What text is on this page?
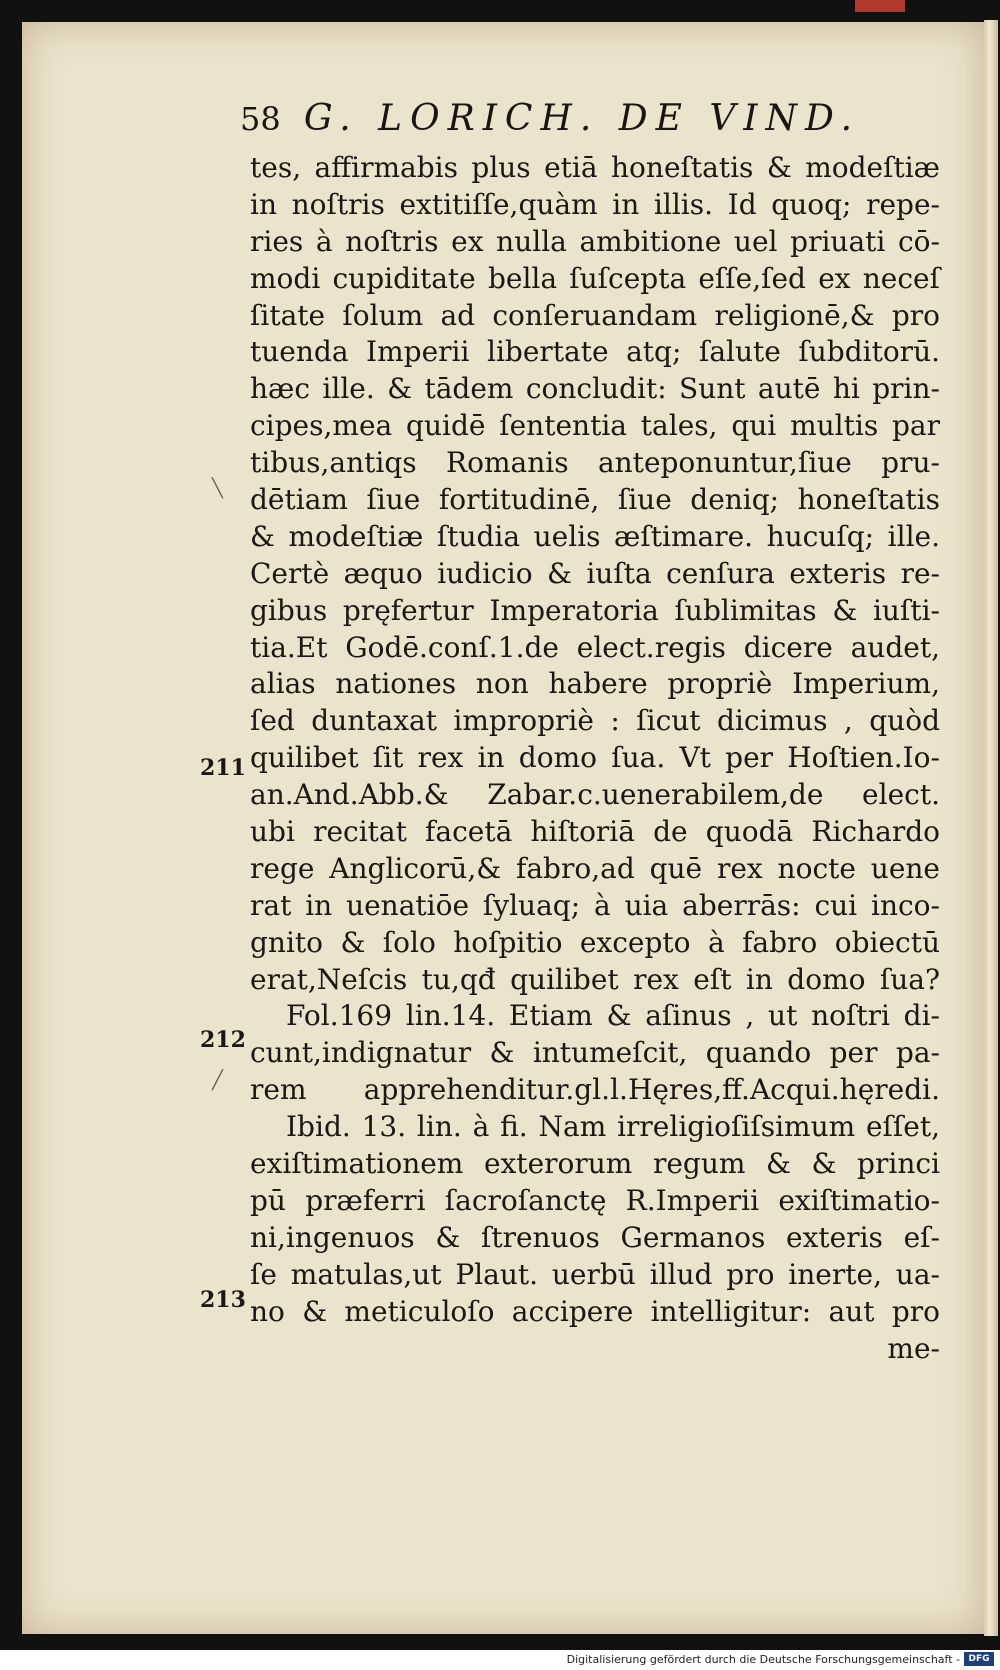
58 G. LORICH. DE VIND.
tes, affirmabis plus etiā honeſtatis & modeſtiæ
in noſtris extitiſſe,quàm in illis. Id quoq; repe-
ries à noſtris ex nulla ambitione uel priuati cō-
modi cupiditate bella ſuſcepta eſſe,ſed ex neceſ
ſitate ſolum ad conſeruandam religionē,& pro
tuenda Imperii libertate atq; ſalute ſubditorū.
hæc ille. & tādem concludit: Sunt autē hi prin-
cipes,mea quidē ſententia tales, qui multis par
tibus,antiqs Romanis anteponuntur,ſiue pru-
dētiam ſiue fortitudinē, ſiue deniq; honeſtatis
& modeſtiæ ſtudia uelis æſtimare. hucuſq; ille.
Certè æquo iudicio & iuſta cenſura exteris re-
gibus pręfertur Imperatoria ſublimitas & iuſti-
tia.Et Godē.conſ.1.de elect.regis dicere audet,
alias nationes non habere propriè Imperium,
ſed duntaxat impropriè : ſicut dicimus , quòd
quilibet ſit rex in domo ſua. Vt per Hoſtien.Io-
an.And.Abb.& Zabar.c.uenerabilem,de elect.
ubi recitat facetā hiſtoriā de quodā Richardo
rege Anglicorū,& fabro,ad quē rex nocte uene
rat in uenatiōe ſyluaq; à uia aberrās: cui inco-
gnito & ſolo hoſpitio excepto à fabro obiectū
erat,Neſcis tu,qđ quilibet rex eſt in domo ſua?
Fol.169 lin.14. Etiam & aſinus , ut noſtri di-
cunt,indignatur & intumeſcit, quando per pa-
rem apprehenditur.gl.l.Hęres,ff.Acqui.hęredi.
Ibid. 13. lin. à fi. Nam irreligioſiſsimum eſſet,
exiſtimationem exterorum regum & & princi
pū præferri ſacroſanctę R.Imperii exiſtimatio-
ni,ingenuos & ſtrenuos Germanos exteris eſ-
ſe matulas,ut Plaut. uerbū illud pro inerte, ua-
no & meticuloſo accipere intelligitur: aut pro
me-
211
212
213
╲
╱
Digitalisierung gefördert durch die Deutsche Forschungsgemeinschaft - DFG
